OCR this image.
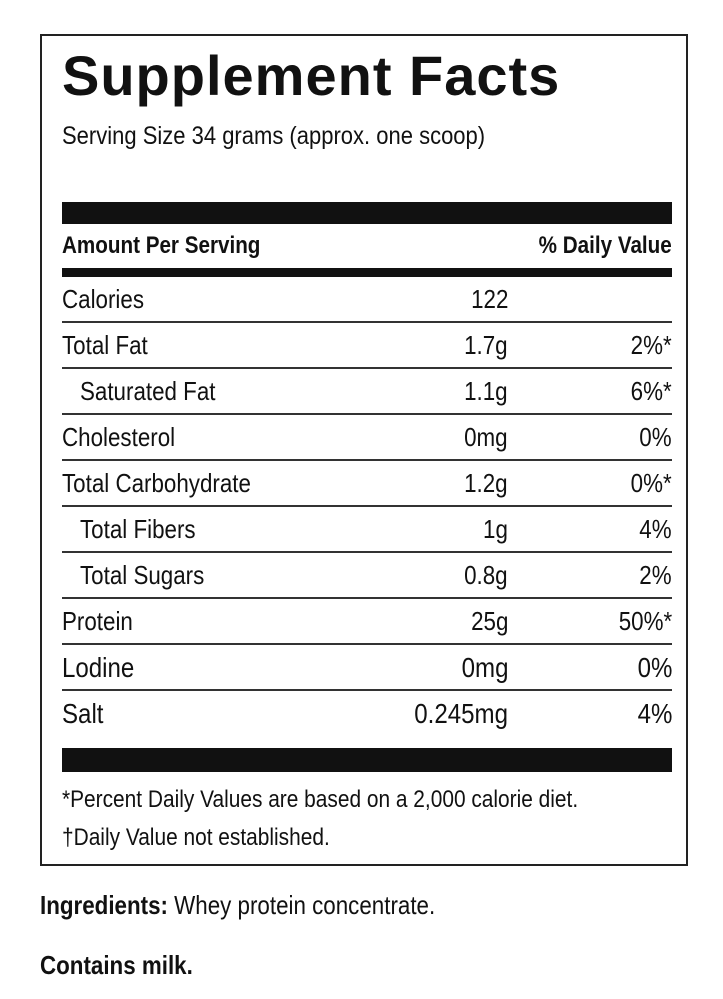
Supplement Facts
Serving Size 34 grams (approx. one scoop)
Amount Per Serving	% Daily Value
Calories	122
Total Fat	1.7g	2%*
Saturated Fat	1.1g	6%*
Cholesterol	0mg	0%
Total Carbohydrate	1.2g	0%*
Total Fibers	1g	4%
Total Sugars	0.8g	2%
Protein	25g	50%*
Lodine	0mg	0%
Salt	0.245mg	4%
*Percent Daily Values are based on a 2,000 calorie diet.
†Daily Value not established.
Ingredients: Whey protein concentrate.
Contains milk.
